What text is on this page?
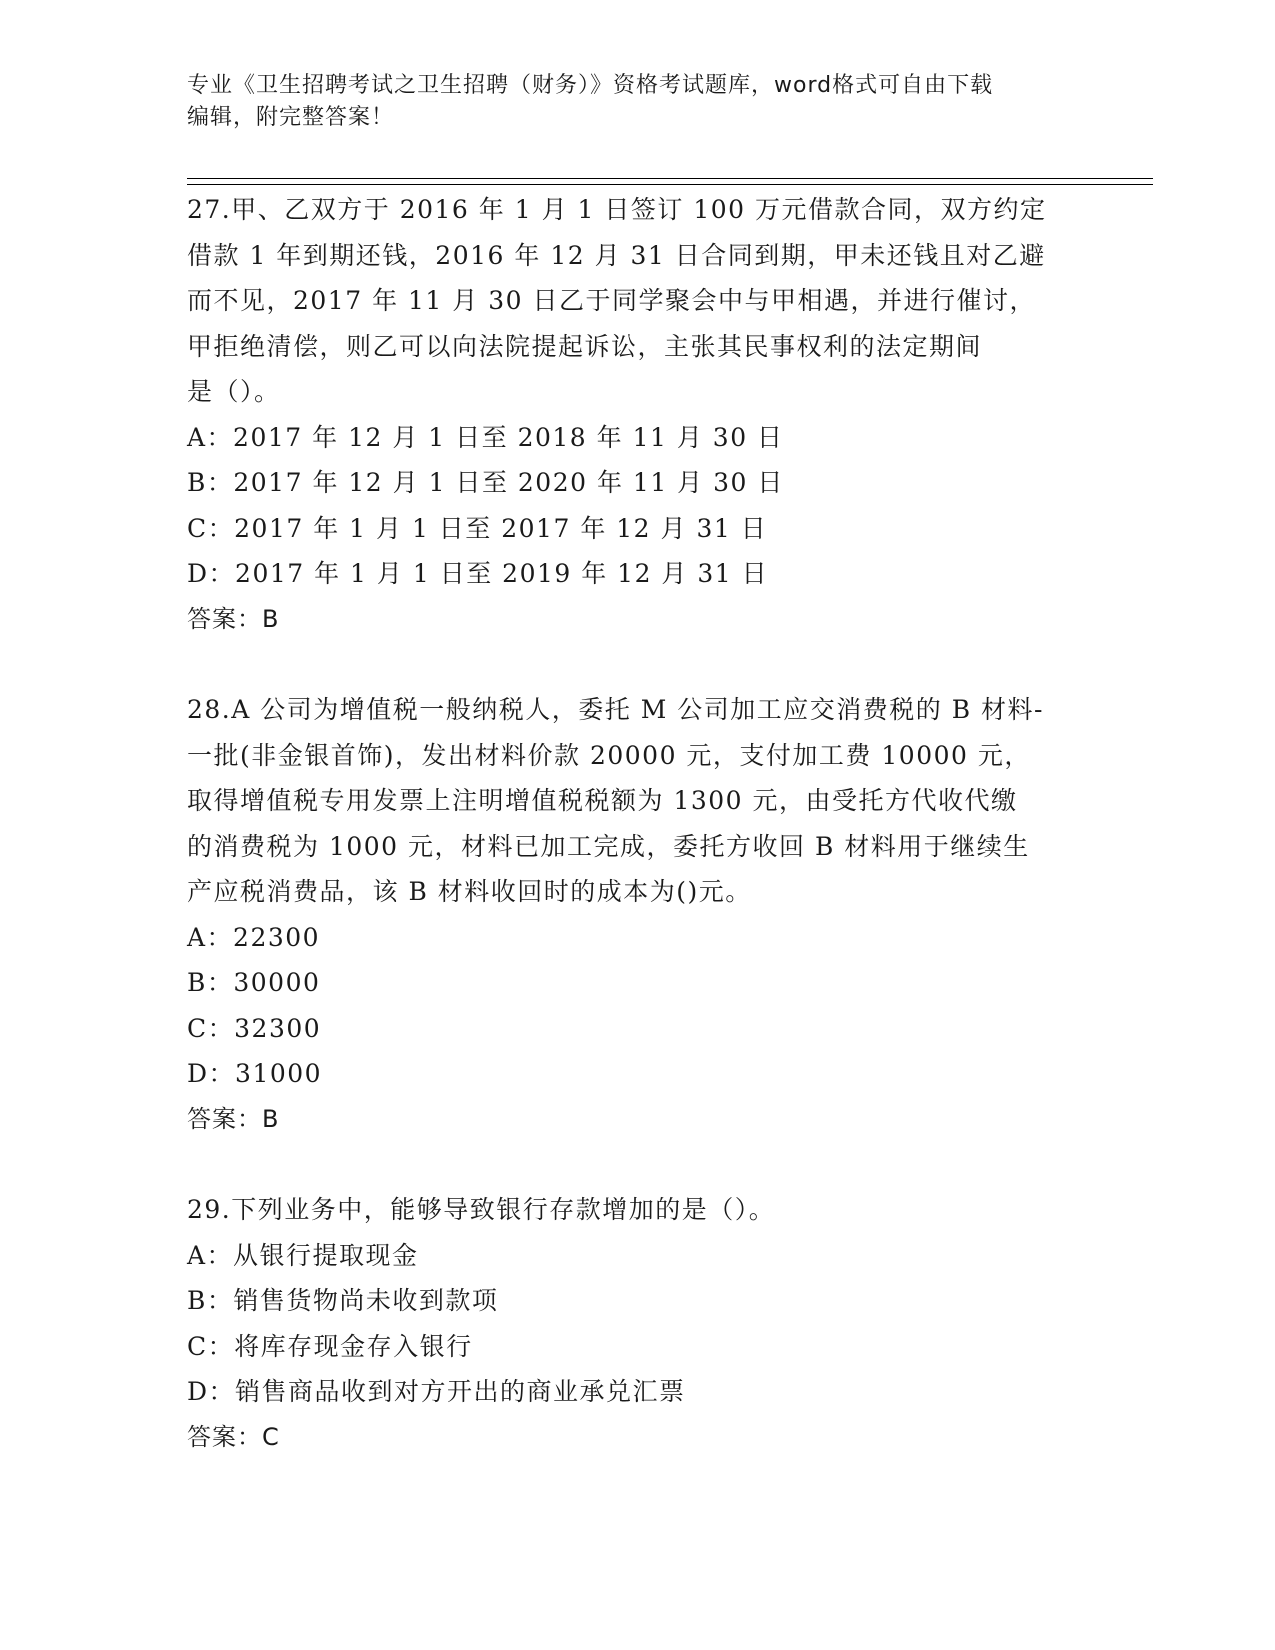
专业《卫生招聘考试之卫生招聘（财务）》资格考试题库，word格式可自由下载
编辑，附完整答案！
27.甲、乙双方于 2016 年 1 月 1 日签订 100 万元借款合同，双方约定
借款 1 年到期还钱，2016 年 12 月 31 日合同到期，甲未还钱且对乙避
而不见，2017 年 11 月 30 日乙于同学聚会中与甲相遇，并进行催讨，
甲拒绝清偿，则乙可以向法院提起诉讼，主张其民事权利的法定期间
是（）。
A：2017 年 12 月 1 日至 2018 年 11 月 30 日
B：2017 年 12 月 1 日至 2020 年 11 月 30 日
C：2017 年 1 月 1 日至 2017 年 12 月 31 日
D：2017 年 1 月 1 日至 2019 年 12 月 31 日
答案：B
28.A 公司为增值税一般纳税人，委托 M 公司加工应交消费税的 B 材料-
一批(非金银首饰)，发出材料价款 20000 元，支付加工费 10000 元，
取得增值税专用发票上注明增值税税额为 1300 元，由受托方代收代缴
的消费税为 1000 元，材料已加工完成，委托方收回 B 材料用于继续生
产应税消费品，该 B 材料收回时的成本为()元。
A：22300
B：30000
C：32300
D：31000
答案：B
29.下列业务中，能够导致银行存款增加的是（）。
A：从银行提取现金
B：销售货物尚未收到款项
C：将库存现金存入银行
D：销售商品收到对方开出的商业承兑汇票
答案：C
